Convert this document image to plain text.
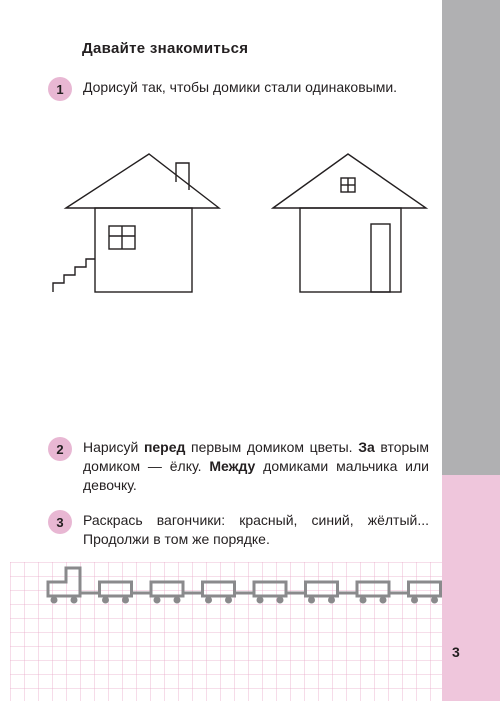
3
Давайте знакомиться
1	Дорисуй так, чтобы домики стали одинаковыми.
2	Нарисуй перед первым домиком цветы. За вторым домиком — ёлку. Между домиками мальчика или девочку.
3	Раскрась вагончики: красный, синий, жёлтый... Продолжи в том же порядке.
